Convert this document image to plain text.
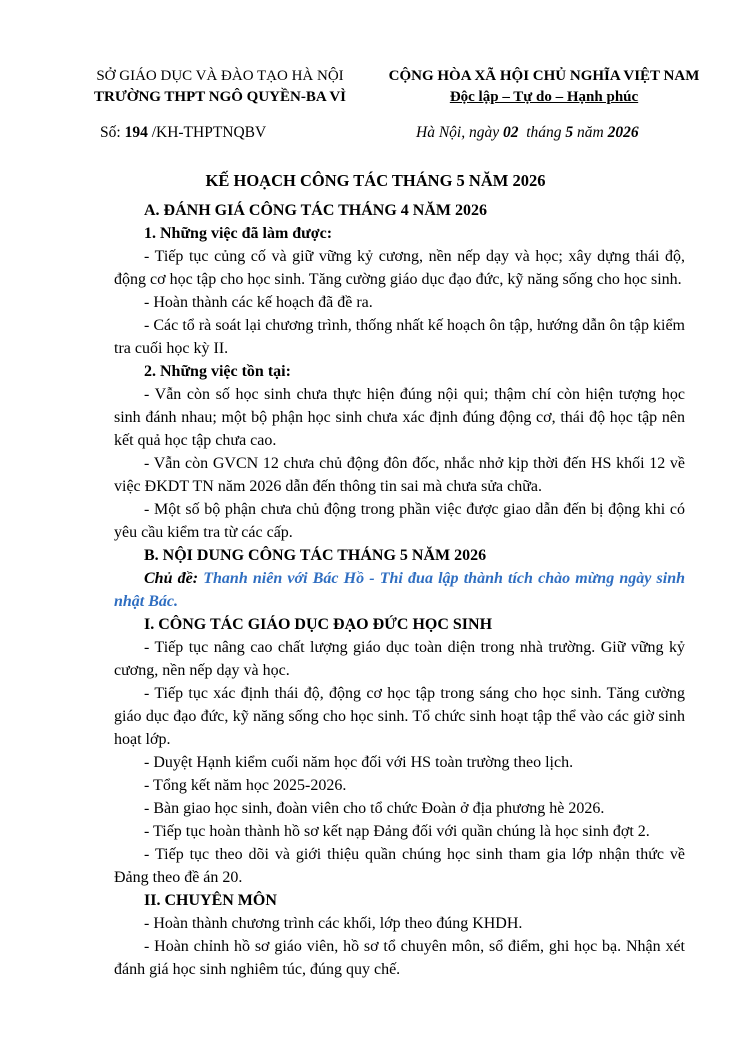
SỞ GIÁO DỤC VÀ ĐÀO TẠO HÀ NỘI
TRƯỜNG THPT NGÔ QUYỀN-BA VÌ
CỘNG HÒA XÃ HỘI CHỦ NGHĨA VIỆT NAM
Độc lập – Tự do – Hạnh phúc
Số: 194 /KH-THPTNQBV	Hà Nội, ngày 02  tháng 5 năm 2026
KẾ HOẠCH CÔNG TÁC THÁNG 5 NĂM 2026

A. ĐÁNH GIÁ CÔNG TÁC THÁNG 4 NĂM 2026

1. Những việc đã làm được:

- Tiếp tục củng cố và giữ vững kỷ cương, nền nếp dạy và học; xây dựng thái độ, động cơ học tập cho học sinh. Tăng cường giáo dục đạo đức, kỹ năng sống cho học sinh.

- Hoàn thành các kế hoạch đã đề ra.

- Các tổ rà soát lại chương trình, thống nhất kế hoạch ôn tập, hướng dẫn ôn tập kiểm tra cuối học kỳ II.

2. Những việc tồn tại:

- Vẫn còn số học sinh chưa thực hiện đúng nội qui; thậm chí còn hiện tượng học sinh đánh nhau; một bộ phận học sinh chưa xác định đúng động cơ, thái độ học tập nên kết quả học tập chưa cao.

- Vẫn còn GVCN 12 chưa chủ động đôn đốc, nhắc nhở kịp thời đến HS khối 12 về việc ĐKDT TN năm 2026 dẫn đến thông tin sai mà chưa sửa chữa.

- Một số bộ phận chưa chủ động trong phần việc được giao dẫn đến bị động khi có yêu cầu kiểm tra từ các cấp.

B. NỘI DUNG CÔNG TÁC THÁNG 5 NĂM 2026

Chủ đề: Thanh niên với Bác Hồ - Thi đua lập thành tích chào mừng ngày sinh nhật Bác.

I. CÔNG TÁC GIÁO DỤC ĐẠO ĐỨC HỌC SINH

- Tiếp tục nâng cao chất lượng giáo dục toàn diện trong nhà trường. Giữ vững kỷ cương, nền nếp dạy và học.

- Tiếp tục xác định thái độ, động cơ học tập trong sáng cho học sinh. Tăng cường giáo dục đạo đức, kỹ năng sống cho học sinh. Tổ chức sinh hoạt tập thể vào các giờ sinh hoạt lớp.

- Duyệt Hạnh kiểm cuối năm học đối với HS toàn trường theo lịch.

- Tổng kết năm học 2025-2026.

- Bàn giao học sinh, đoàn viên cho tổ chức Đoàn ở địa phương hè 2026.

- Tiếp tục hoàn thành hồ sơ kết nạp Đảng đối với quần chúng là học sinh đợt 2.

- Tiếp tục theo dõi và giới thiệu quần chúng học sinh tham gia lớp nhận thức về Đảng theo đề án 20.

II. CHUYÊN MÔN

- Hoàn thành chương trình các khối, lớp theo đúng KHDH.

- Hoàn chỉnh hồ sơ giáo viên, hồ sơ tổ chuyên môn, sổ điểm, ghi học bạ. Nhận xét đánh giá học sinh nghiêm túc, đúng quy chế.
